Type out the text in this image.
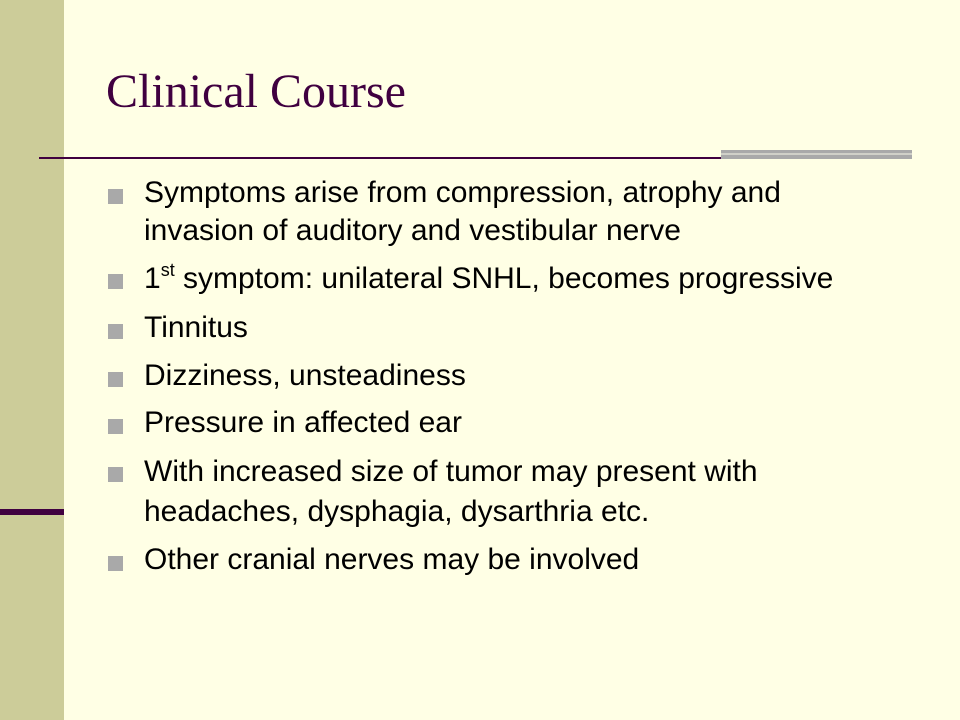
Clinical Course
Symptoms arise from compression, atrophy and invasion of auditory and vestibular nerve
1st symptom: unilateral SNHL, becomes progressive
Tinnitus
Dizziness, unsteadiness
Pressure in affected ear
With increased size of tumor may present with headaches, dysphagia, dysarthria etc.
Other cranial nerves may be involved
